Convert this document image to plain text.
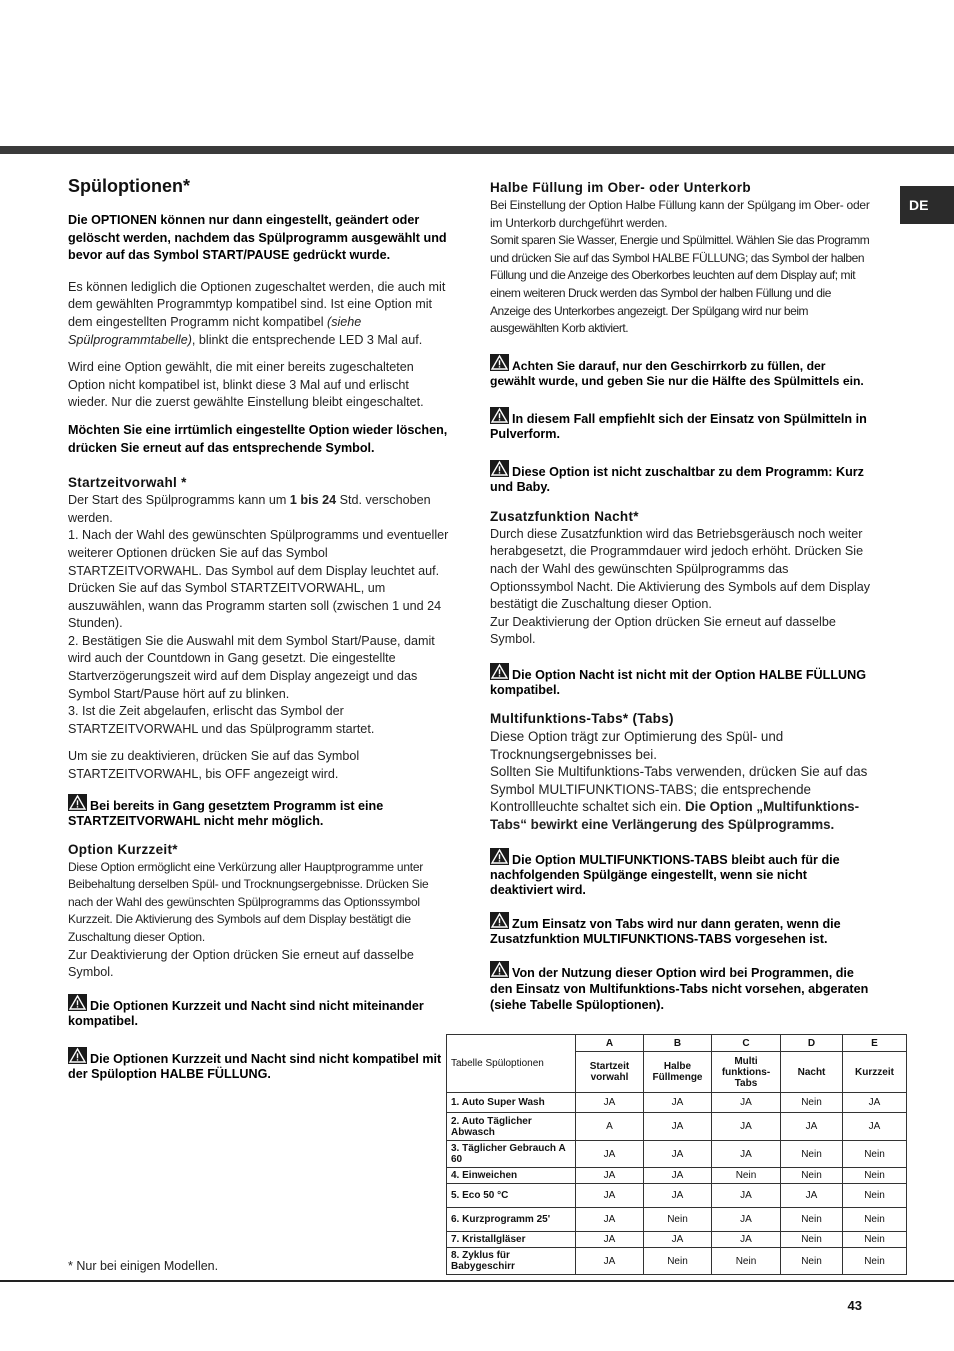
DE
Spüloptionen*

Die OPTIONEN können nur dann eingestellt, geändert oder gelöscht werden, nachdem das Spülprogramm ausgewählt und bevor auf das Symbol START/PAUSE gedrückt wurde.

Es können lediglich die Optionen zugeschaltet werden, die auch mit dem gewählten Programmtyp kompatibel sind. Ist eine Option mit dem eingestellten Programm nicht kompatibel (siehe Spülprogrammtabelle), blinkt die entsprechende LED 3 Mal auf.

Wird eine Option gewählt, die mit einer bereits zugeschalteten Option nicht kompatibel ist, blinkt diese 3 Mal auf und erlischt wieder. Nur die zuerst gewählte Einstellung bleibt eingeschaltet.

Möchten Sie eine irrtümlich eingestellte Option wieder löschen, drücken Sie erneut auf das entsprechende Symbol.

Startzeitvorwahl *

Der Start des Spülprogramms kann um 1 bis 24 Std. verschoben werden.

1. Nach der Wahl des gewünschten Spülprogramms und eventueller weiterer Optionen drücken Sie auf das Symbol STARTZEITVORWAHL. Das Symbol auf dem Display leuchtet auf. Drücken Sie auf das Symbol STARTZEITVORWAHL, um auszuwählen, wann das Programm starten soll (zwischen 1 und 24 Stunden).

2. Bestätigen Sie die Auswahl mit dem Symbol Start/Pause, damit wird auch der Countdown in Gang gesetzt. Die eingestellte Startverzögerungszeit wird auf dem Display angezeigt und das Symbol Start/Pause hört auf zu blinken.

3. Ist die Zeit abgelaufen, erlischt das Symbol der STARTZEITVORWAHL und das Spülprogramm startet.

Um sie zu deaktivieren, drücken Sie auf das Symbol STARTZEITVORWAHL, bis OFF angezeigt wird.

Bei bereits in Gang gesetztem Programm ist eine STARTZEITVORWAHL nicht mehr möglich.

Option Kurzzeit*

Diese Option ermöglicht eine Verkürzung aller Hauptprogramme unter Beibehaltung derselben Spül- und Trocknungsergebnisse. Drücken Sie nach der Wahl des gewünschten Spülprogramms das Optionssymbol Kurzzeit. Die Aktivierung des Symbols auf dem Display bestätigt die Zuschaltung dieser Option.

Zur Deaktivierung der Option drücken Sie erneut auf dasselbe Symbol.

Die Optionen Kurzzeit und Nacht sind nicht miteinander kompatibel.

Die Optionen Kurzzeit und Nacht sind nicht kompatibel mit der Spüloption HALBE FÜLLUNG.

Halbe Füllung im Ober- oder Unterkorb

Bei Einstellung der Option Halbe Füllung kann der Spülgang im Ober- oder im Unterkorb durchgeführt werden.

Somit sparen Sie Wasser, Energie und Spülmittel. Wählen Sie das Programm und drücken Sie auf das Symbol HALBE FÜLLUNG; das Symbol der halben Füllung und die Anzeige des Oberkorbes leuchten auf dem Display auf; mit einem weiteren Druck werden das Symbol der halben Füllung und die Anzeige des Unterkorbes angezeigt. Der Spülgang wird nur beim ausgewählten Korb aktiviert.

Achten Sie darauf, nur den Geschirrkorb zu füllen, der gewählt wurde, und geben Sie nur die Hälfte des Spülmittels ein.

In diesem Fall empfiehlt sich der Einsatz von Spülmitteln in Pulverform.

Diese Option ist nicht zuschaltbar zu dem Programm: Kurz und Baby.

Zusatzfunktion Nacht*

Durch diese Zusatzfunktion wird das Betriebsgeräusch noch weiter herabgesetzt, die Programmdauer wird jedoch erhöht. Drücken Sie nach der Wahl des gewünschten Spülprogramms das Optionssymbol Nacht. Die Aktivierung des Symbols auf dem Display bestätigt die Zuschaltung dieser Option.

Zur Deaktivierung der Option drücken Sie erneut auf dasselbe Symbol.

Die Option Nacht ist nicht mit der Option HALBE FÜLLUNG kompatibel.

Multifunktions-Tabs* (Tabs)

Diese Option trägt zur Optimierung des Spül- und Trocknungsergebnisses bei.

Sollten Sie Multifunktions-Tabs verwenden, drücken Sie auf das Symbol MULTIFUNKTIONS-TABS; die entsprechende Kontrollleuchte schaltet sich ein. Die Option „Multifunktions-Tabs“ bewirkt eine Verlängerung des Spülprogramms.

Die Option MULTIFUNKTIONS-TABS bleibt auch für die nachfolgenden Spülgänge eingestellt, wenn sie nicht deaktiviert wird.

Zum Einsatz von Tabs wird nur dann geraten, wenn die Zusatzfunktion MULTIFUNKTIONS-TABS vorgesehen ist.

Von der Nutzung dieser Option wird bei Programmen, die den Einsatz von Multifunktions-Tabs nicht vorsehen, abgeraten (siehe Tabelle Spüloptionen).

Tabelle Spüloptionen	A	B	C	D	E
	Startzeit vorwahl	Halbe Füllmenge	Multi funktions-Tabs	Nacht	Kurzzeit
1. Auto Super Wash	JA	JA	JA	Nein	JA
2. Auto Täglicher Abwasch	A	JA	JA	JA	JA
3. Täglicher Gebrauch A 60	JA	JA	JA	Nein	Nein
4. Einweichen	JA	JA	Nein	Nein	Nein
5. Eco 50 °C	JA	JA	JA	JA	Nein
6. Kurzprogramm 25'	JA	Nein	JA	Nein	Nein
7. Kristallgläser	JA	JA	JA	Nein	Nein
8. Zyklus für Babygeschirr	JA	Nein	Nein	Nein	Nein
* Nur bei einigen Modellen.
43
